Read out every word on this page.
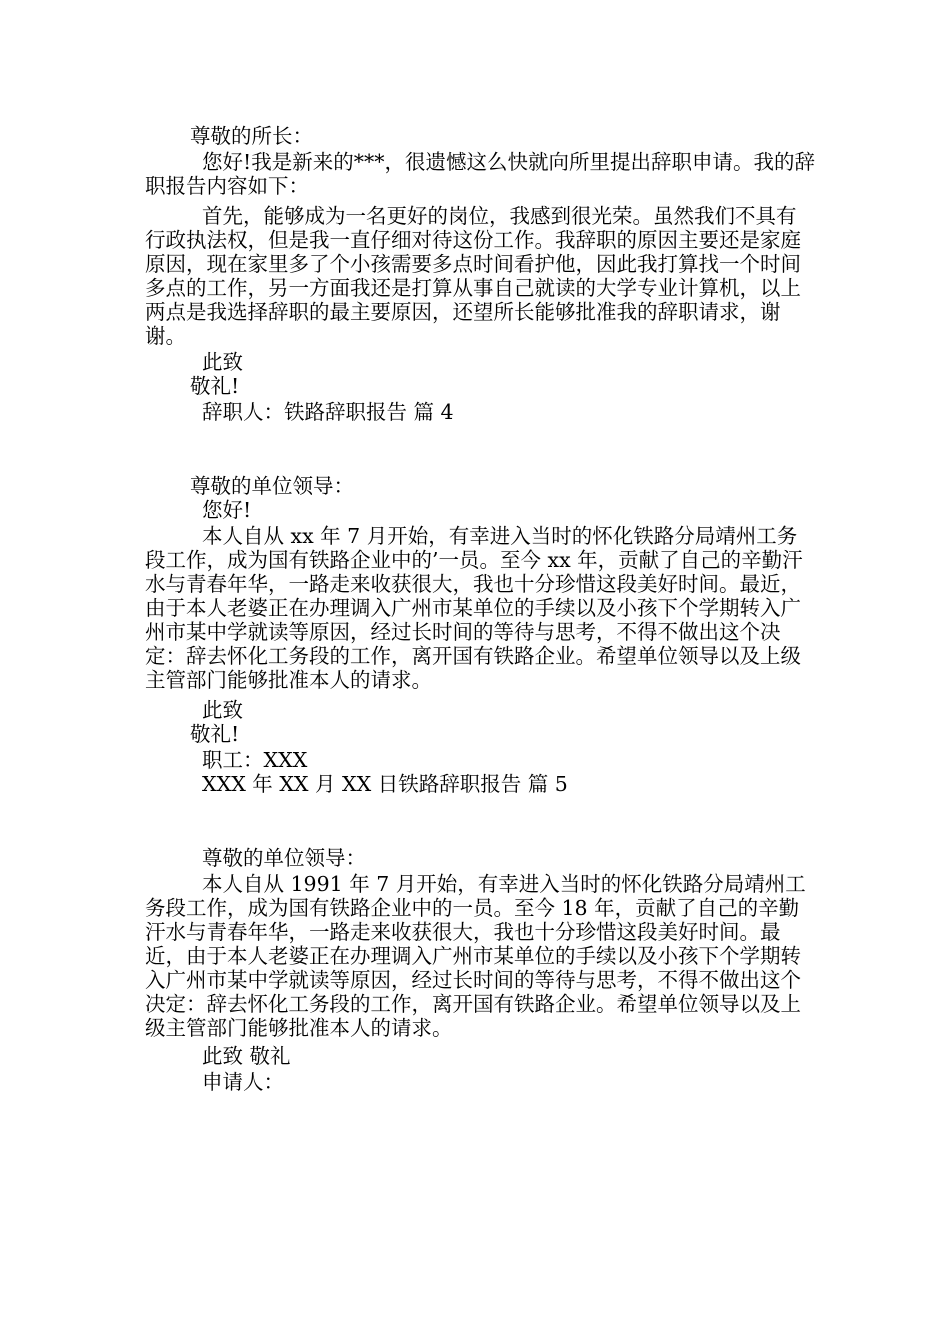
尊敬的所长：
您好!我是新来的***，很遗憾这么快就向所里提出辞职申请。我的辞职报告内容如下：
首先，能够成为一名更好的岗位，我感到很光荣。虽然我们不具有行政执法权，但是我一直仔细对待这份工作。我辞职的原因主要还是家庭原因，现在家里多了个小孩需要多点时间看护他，因此我打算找一个时间多点的工作，另一方面我还是打算从事自己就读的大学专业计算机，以上两点是我选择辞职的最主要原因，还望所长能够批准我的辞职请求，谢谢。
此致
敬礼!
辞职人：铁路辞职报告 篇 4
尊敬的单位领导：
您好!
本人自从 xx 年 7 月开始，有幸进入当时的怀化铁路分局靖州工务段工作，成为国有铁路企业中的’一员。至今 xx 年，贡献了自己的辛勤汗水与青春年华，一路走来收获很大，我也十分珍惜这段美好时间。最近，由于本人老婆正在办理调入广州市某单位的手续以及小孩下个学期转入广州市某中学就读等原因，经过长时间的等待与思考，不得不做出这个决定：辞去怀化工务段的工作，离开国有铁路企业。希望单位领导以及上级主管部门能够批准本人的请求。
此致
敬礼!
职工：XXX
XXX 年 XX 月 XX 日铁路辞职报告 篇 5
尊敬的单位领导：
本人自从 1991 年 7 月开始，有幸进入当时的怀化铁路分局靖州工务段工作，成为国有铁路企业中的一员。至今 18 年，贡献了自己的辛勤汗水与青春年华，一路走来收获很大，我也十分珍惜这段美好时间。最近，由于本人老婆正在办理调入广州市某单位的手续以及小孩下个学期转入广州市某中学就读等原因，经过长时间的等待与思考，不得不做出这个决定：辞去怀化工务段的工作，离开国有铁路企业。希望单位领导以及上级主管部门能够批准本人的请求。
此致 敬礼
申请人：
